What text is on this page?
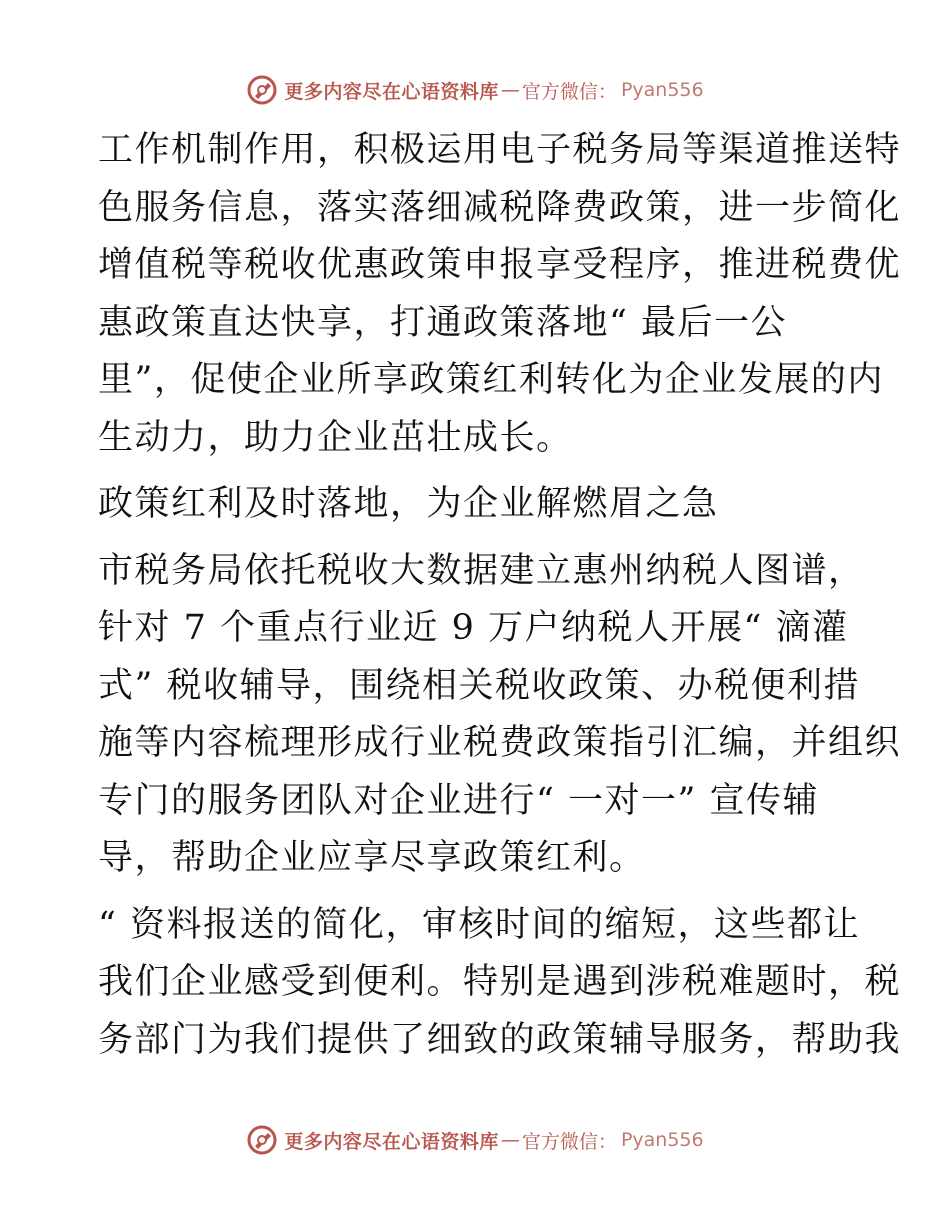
更多内容尽在心语资料库 — 官方微信： Pyan556
工作机制作用，积极运用电子税务局等渠道推送特
色服务信息，落实落细减税降费政策，进一步简化
增值税等税收优惠政策申报享受程序，推进税费优
惠政策直达快享，打通政策落地“ 最后一公
里”，促使企业所享政策红利转化为企业发展的内
生动力，助力企业茁壮成长。
政策红利及时落地，为企业解燃眉之急
市税务局依托税收大数据建立惠州纳税人图谱，
针对 7 个重点行业近 9 万户纳税人开展“ 滴灌
式” 税收辅导，围绕相关税收政策、办税便利措
施等内容梳理形成行业税费政策指引汇编，并组织
专门的服务团队对企业进行“ 一对一” 宣传辅
导，帮助企业应享尽享政策红利。
“ 资料报送的简化，审核时间的缩短，这些都让
我们企业感受到便利。特别是遇到涉税难题时，税
务部门为我们提供了细致的政策辅导服务，帮助我
更多内容尽在心语资料库 — 官方微信： Pyan556
